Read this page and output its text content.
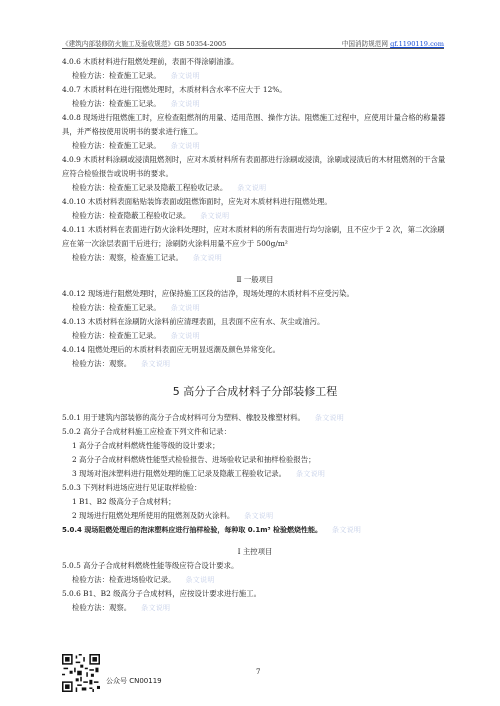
《建筑内部装修防火施工及验收规范》GB 50354-2005	中国消防规范网 gf.1190119.com
4.0.6 木质材料进行阻燃处理前，表面不得涂刷油漆。
检验方法：检查施工记录。 条文说明
4.0.7 木质材料在进行阻燃处理时，木质材料含水率不应大于 12%。
检验方法：检查施工记录。 条文说明
4.0.8 现场进行阻燃施工时，应检查阻燃剂的用量、适用范围、操作方法。阻燃施工过程中，应使用计量合格的称量器具，并严格按使用说明书的要求进行施工。
检验方法：检查施工记录。 条文说明
4.0.9 木质材料涂刷或浸渍阻燃剂时，应对木质材料所有表面都进行涂刷或浸渍，涂刷或浸渍后的木材阻燃剂的干含量应符合检验报告或说明书的要求。
检验方法：检查施工记录及隐蔽工程验收记录。 条文说明
4.0.10 木质材料表面粘贴装饰表面或阻燃饰面时，应先对木质材料进行阻燃处理。
检验方法：检查隐蔽工程验收记录。 条文说明
4.0.11 木质材料在表面进行防火涂料处理时，应对木质材料的所有表面进行均匀涂刷，且不应少于 2 次，第二次涂刷应在第一次涂层表面干后进行；涂刷防火涂料用量不应少于 500g/m²
检验方法：观察，检查施工记录。 条文说明
Ⅱ 一般项目
4.0.12 现场进行阻燃处理时，应保持施工区段的洁净，现场处理的木质材料不应受污染。
检验方法：检查施工记录。 条文说明
4.0.13 木质材料在涂刷防火涂料前应清理表面，且表面不应有水、灰尘或油污。
检验方法：检查施工记录。 条文说明
4.0.14 阻燃处理后的木质材料表面应无明显返潮及颜色异常变化。
检验方法：观察。 条文说明
5 高分子合成材料子分部装修工程
5.0.1 用于建筑内部装修的高分子合成材料可分为塑料、橡胶及橡塑材料。 条文说明
5.0.2 高分子合成材料施工应检查下列文件和记录：
1 高分子合成材料燃烧性能等级的设计要求；
2 高分子合成材料燃烧性能型式检验报告、进场验收记录和抽样检验报告；
3 现场对泡沫塑料进行阻燃处理的施工记录及隐蔽工程验收记录。 条文说明
5.0.3 下列材料进场应进行见证取样检验：
1 B1、B2 级高分子合成材料；
2 现场进行阻燃处理所使用的阻燃剂及防火涂料。 条文说明
5.0.4 现场阻燃处理后的泡沫塑料应进行抽样检验，每种取 0.1m³ 检验燃烧性能。 条文说明
Ⅰ 主控项目
5.0.5 高分子合成材料燃烧性能等级应符合设计要求。
检验方法：检查进场验收记录。 条文说明
5.0.6 B1、B2 级高分子合成材料，应按设计要求进行施工。
检验方法：观察。 条文说明
公众号 CN00119
7
